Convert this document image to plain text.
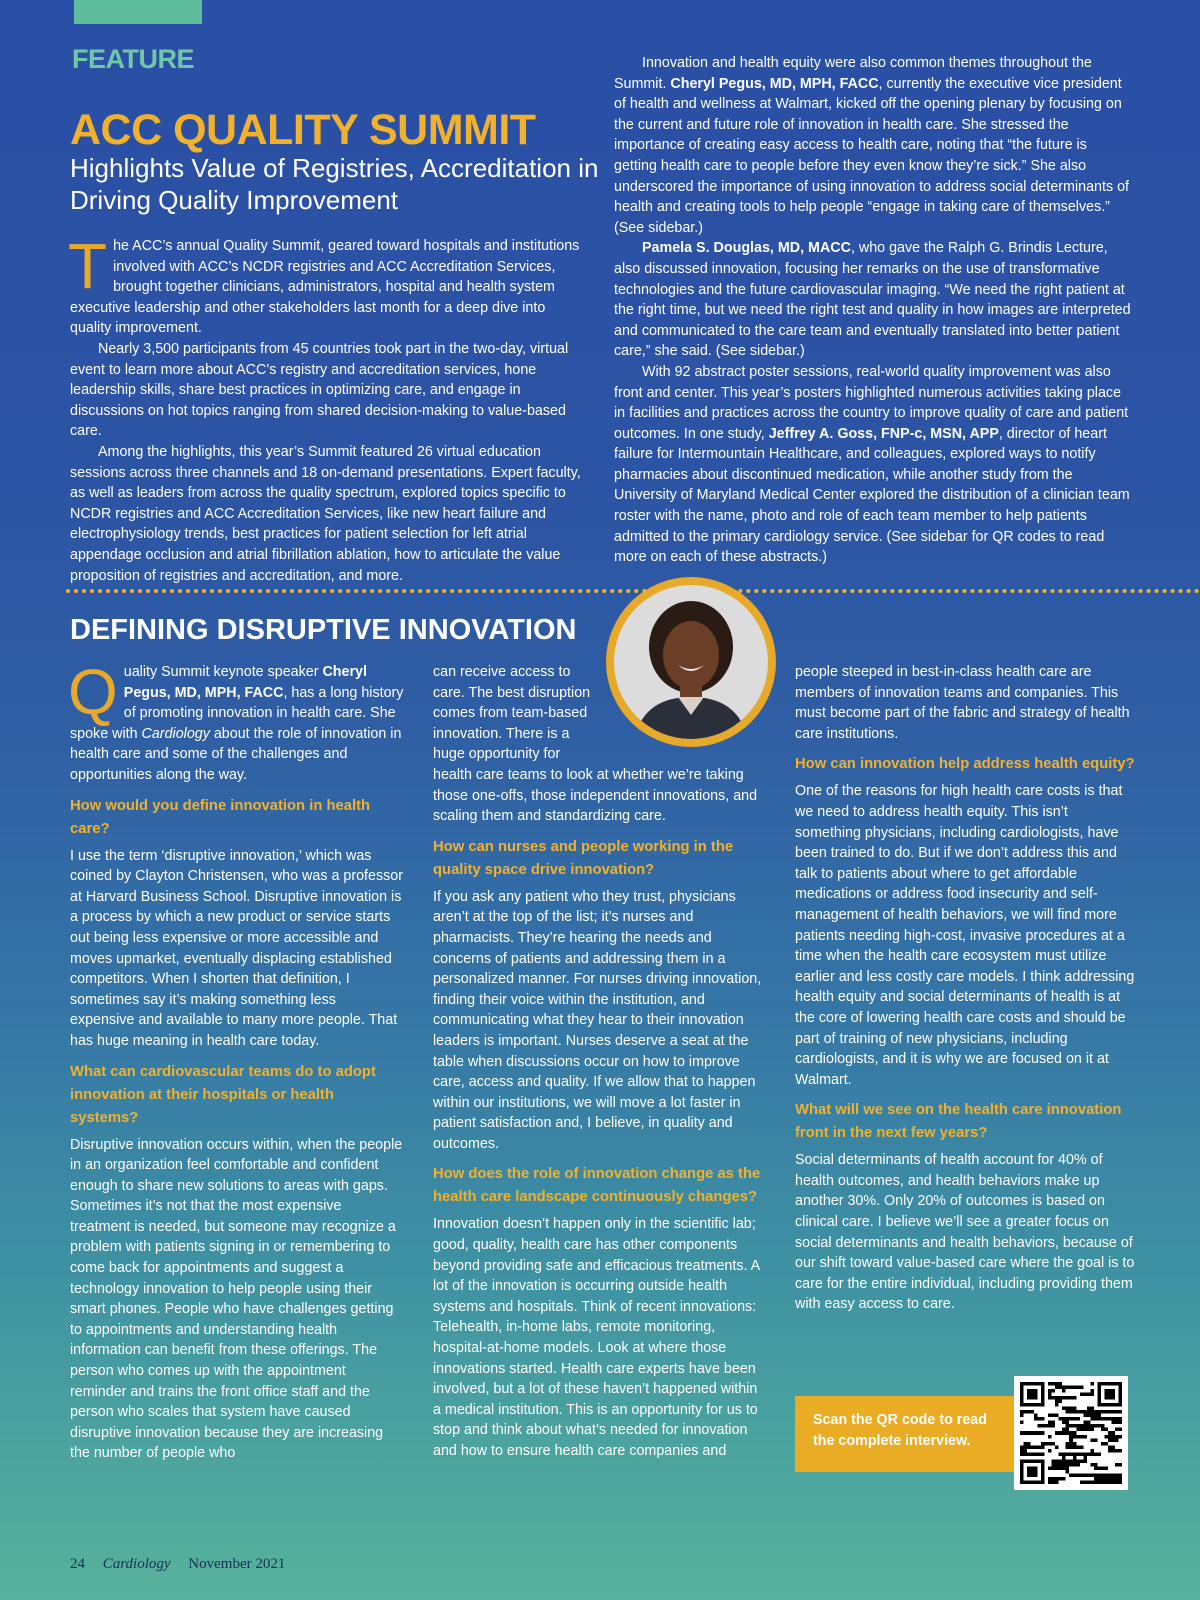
FEATURE
ACC QUALITY SUMMIT
Highlights Value of Registries, Accreditation in Driving Quality Improvement

The ACC’s annual Quality Summit, geared toward hospitals and institutions involved with ACC’s NCDR registries and ACC Accreditation Services, brought together clinicians, administrators, hospital and health system executive leadership and other stakeholders last month for a deep dive into quality improvement.

Nearly 3,500 participants from 45 countries took part in the two-day, virtual event to learn more about ACC’s registry and accreditation services, hone leadership skills, share best practices in optimizing care, and engage in discussions on hot topics ranging from shared decision-making to value-based care.

Among the highlights, this year’s Summit featured 26 virtual education sessions across three channels and 18 on-demand presentations. Expert faculty, as well as leaders from across the quality spectrum, explored topics specific to NCDR registries and ACC Accreditation Services, like new heart failure and electrophysiology trends, best practices for patient selection for left atrial appendage occlusion and atrial fibrillation ablation, how to articulate the value proposition of registries and accreditation, and more.

Innovation and health equity were also common themes throughout the Summit. Cheryl Pegus, MD, MPH, FACC, currently the executive vice president of health and wellness at Walmart, kicked off the opening plenary by focusing on the current and future role of innovation in health care. She stressed the importance of creating easy access to health care, noting that “the future is getting health care to people before they even know they’re sick.” She also underscored the importance of using innovation to address social determinants of health and creating tools to help people “engage in taking care of themselves.” (See sidebar.)

Pamela S. Douglas, MD, MACC, who gave the Ralph G. Brindis Lecture, also discussed innovation, focusing her remarks on the use of transformative technologies and the future cardiovascular imaging. “We need the right patient at the right time, but we need the right test and quality in how images are interpreted and communicated to the care team and eventually translated into better patient care,” she said. (See sidebar.)

With 92 abstract poster sessions, real-world quality improvement was also front and center. This year’s posters highlighted numerous activities taking place in facilities and practices across the country to improve quality of care and patient outcomes. In one study, Jeffrey A. Goss, FNP-c, MSN, APP, director of heart failure for Intermountain Healthcare, and colleagues, explored ways to notify pharmacies about discontinued medication, while another study from the University of Maryland Medical Center explored the distribution of a clinician team roster with the name, photo and role of each team member to help patients admitted to the primary cardiology service. (See sidebar for QR codes to read more on each of these abstracts.)

DEFINING DISRUPTIVE INNOVATION

Quality Summit keynote speaker Cheryl Pegus, MD, MPH, FACC, has a long history of promoting innovation in health care. She spoke with Cardiology about the role of innovation in health care and some of the challenges and opportunities along the way.

How would you define innovation in health care?

I use the term ‘disruptive innovation,’ which was coined by Clayton Christensen, who was a professor at Harvard Business School. Disruptive innovation is a process by which a new product or service starts out being less expensive or more accessible and moves upmarket, eventually displacing established competitors. When I shorten that definition, I sometimes say it’s making something less expensive and available to many more people. That has huge meaning in health care today.

What can cardiovascular teams do to adopt innovation at their hospitals or health systems?

Disruptive innovation occurs within, when the people in an organization feel comfortable and confident enough to share new solutions to areas with gaps. Sometimes it’s not that the most expensive treatment is needed, but someone may recognize a problem with patients signing in or remembering to come back for appointments and suggest a technology innovation to help people using their smart phones. People who have challenges getting to appointments and understanding health information can benefit from these offerings. The person who comes up with the appointment reminder and trains the front office staff and the person who scales that system have caused disruptive innovation because they are increasing the number of people who

can receive access to care. The best disruption comes from team-based innovation. There is a huge opportunity for health care teams to look at whether we’re taking those one-offs, those independent innovations, and scaling them and standardizing care.

How can nurses and people working in the quality space drive innovation?

If you ask any patient who they trust, physicians aren’t at the top of the list; it’s nurses and pharmacists. They’re hearing the needs and concerns of patients and addressing them in a personalized manner. For nurses driving innovation, finding their voice within the institution, and communicating what they hear to their innovation leaders is important. Nurses deserve a seat at the table when discussions occur on how to improve care, access and quality. If we allow that to happen within our institutions, we will move a lot faster in patient satisfaction and, I believe, in quality and outcomes.

How does the role of innovation change as the health care landscape continuously changes?

Innovation doesn’t happen only in the scientific lab; good, quality, health care has other components beyond providing safe and efficacious treatments. A lot of the innovation is occurring outside health systems and hospitals. Think of recent innovations: Telehealth, in-home labs, remote monitoring, hospital-at-home models. Look at where those innovations started. Health care experts have been involved, but a lot of these haven’t happened within a medical institution. This is an opportunity for us to stop and think about what’s needed for innovation and how to ensure health care companies and

people steeped in best-in-class health care are members of innovation teams and companies. This must become part of the fabric and strategy of health care institutions.

How can innovation help address health equity?

One of the reasons for high health care costs is that we need to address health equity. This isn’t something physicians, including cardiologists, have been trained to do. But if we don’t address this and talk to patients about where to get affordable medications or address food insecurity and self-management of health behaviors, we will find more patients needing high-cost, invasive procedures at a time when the health care ecosystem must utilize earlier and less costly care models. I think addressing health equity and social determinants of health is at the core of lowering health care costs and should be part of training of new physicians, including cardiologists, and it is why we are focused on it at Walmart.

What will we see on the health care innovation front in the next few years?

Social determinants of health account for 40% of health outcomes, and health behaviors make up another 30%. Only 20% of outcomes is based on clinical care. I believe we’ll see a greater focus on social determinants and health behaviors, because of our shift toward value-based care where the goal is to care for the entire individual, including providing them with easy access to care.

Scan the QR code to read the complete interview.
24 Cardiology November 2021
